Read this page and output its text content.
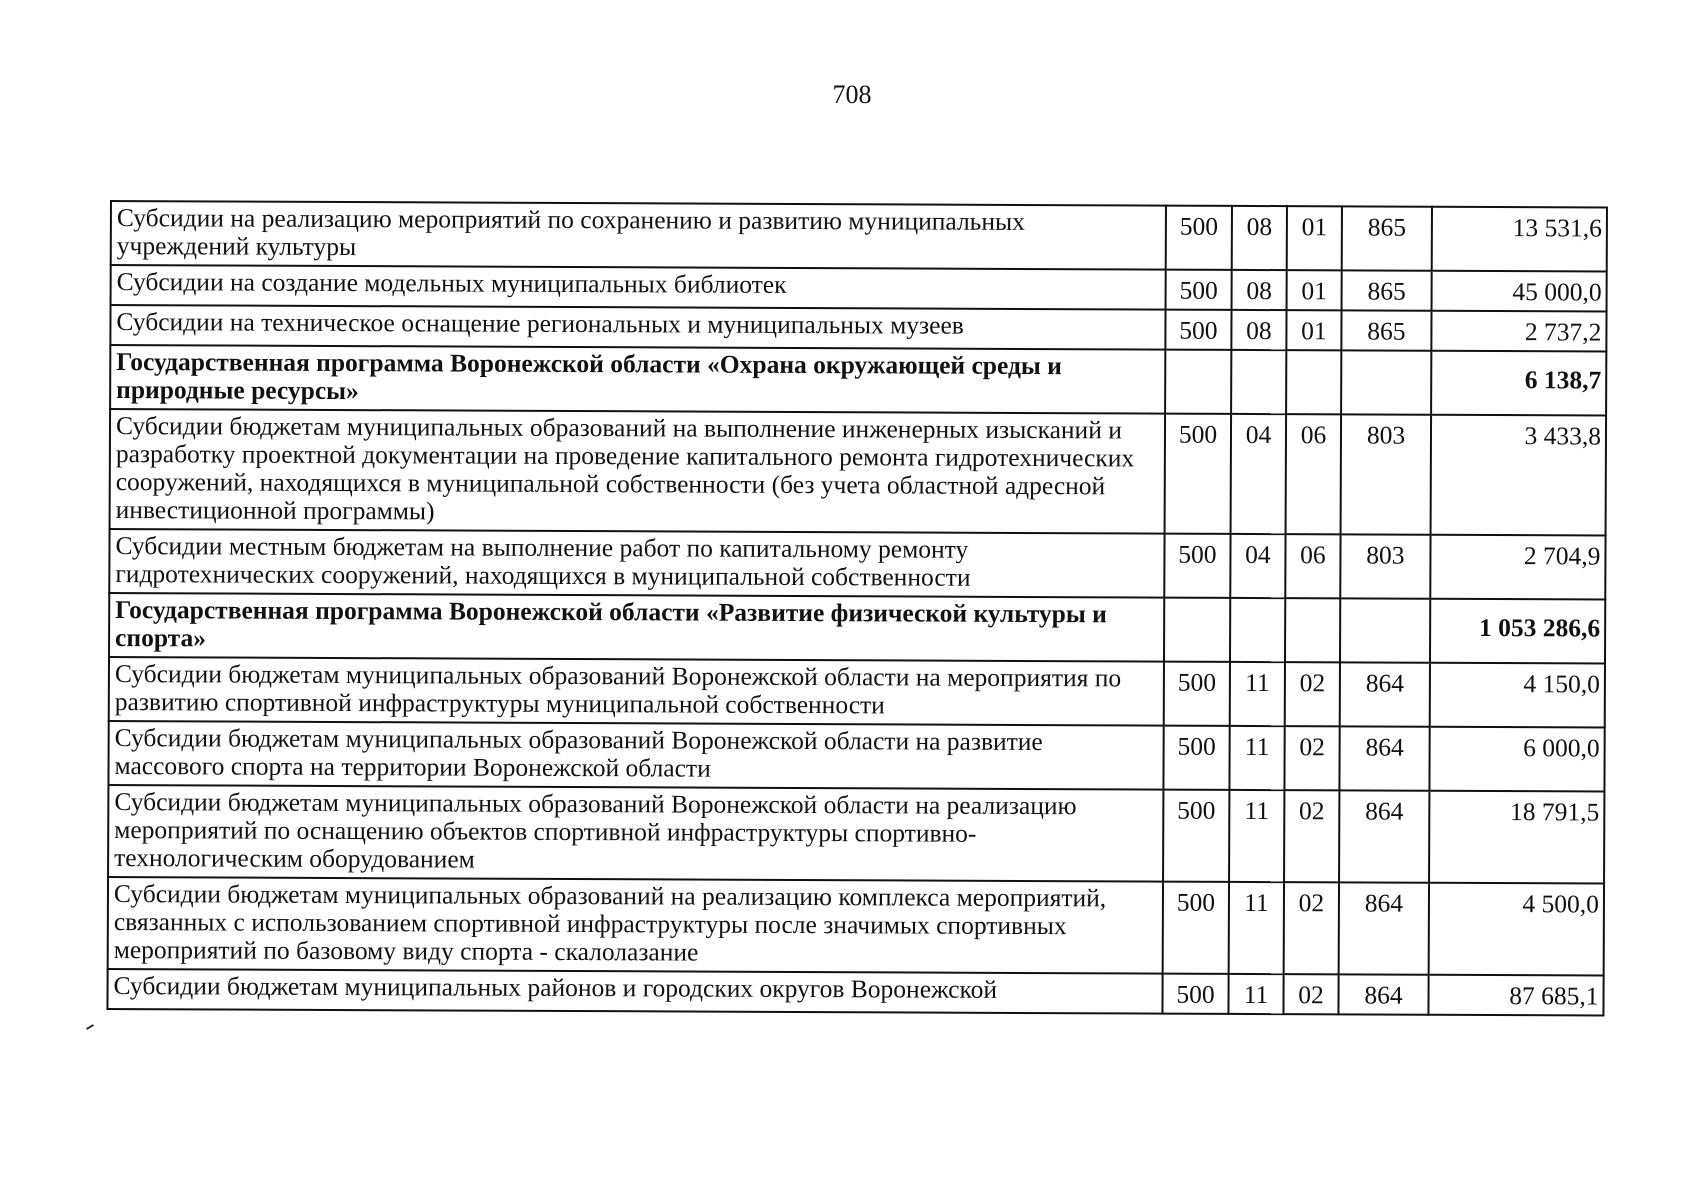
708
Субсидии на реализацию мероприятий по сохранению и развитию муниципальных учреждений культуры	500	08	01	865	13 531,6
Субсидии на создание модельных муниципальных библиотек	500	08	01	865	45 000,0
Субсидии на техническое оснащение региональных и муниципальных музеев	500	08	01	865	2 737,2
Государственная программа Воронежской области «Охрана окружающей среды и природные ресурсы»					6 138,7
Субсидии бюджетам муниципальных образований на выполнение инженерных изысканий и разработку проектной документации на проведение капитального ремонта гидротехнических сооружений, находящихся в муниципальной собственности (без учета областной адресной инвестиционной программы)	500	04	06	803	3 433,8
Субсидии местным бюджетам на выполнение работ по капитальному ремонту гидротехнических сооружений, находящихся в муниципальной собственности	500	04	06	803	2 704,9
Государственная программа Воронежской области «Развитие физической культуры и спорта»					1 053 286,6
Субсидии бюджетам муниципальных образований Воронежской области на мероприятия по развитию спортивной инфраструктуры муниципальной собственности	500	11	02	864	4 150,0
Субсидии бюджетам муниципальных образований Воронежской области на развитие массового спорта на территории Воронежской области	500	11	02	864	6 000,0
Субсидии бюджетам муниципальных образований Воронежской области на реализацию мероприятий по оснащению объектов спортивной инфраструктуры спортивно-технологическим оборудованием	500	11	02	864	18 791,5
Субсидии бюджетам муниципальных образований на реализацию комплекса мероприятий, связанных с использованием спортивной инфраструктуры после значимых спортивных мероприятий по базовому виду спорта - скалолазание	500	11	02	864	4 500,0
Субсидии бюджетам муниципальных районов и городских округов Воронежской	500	11	02	864	87 685,1
